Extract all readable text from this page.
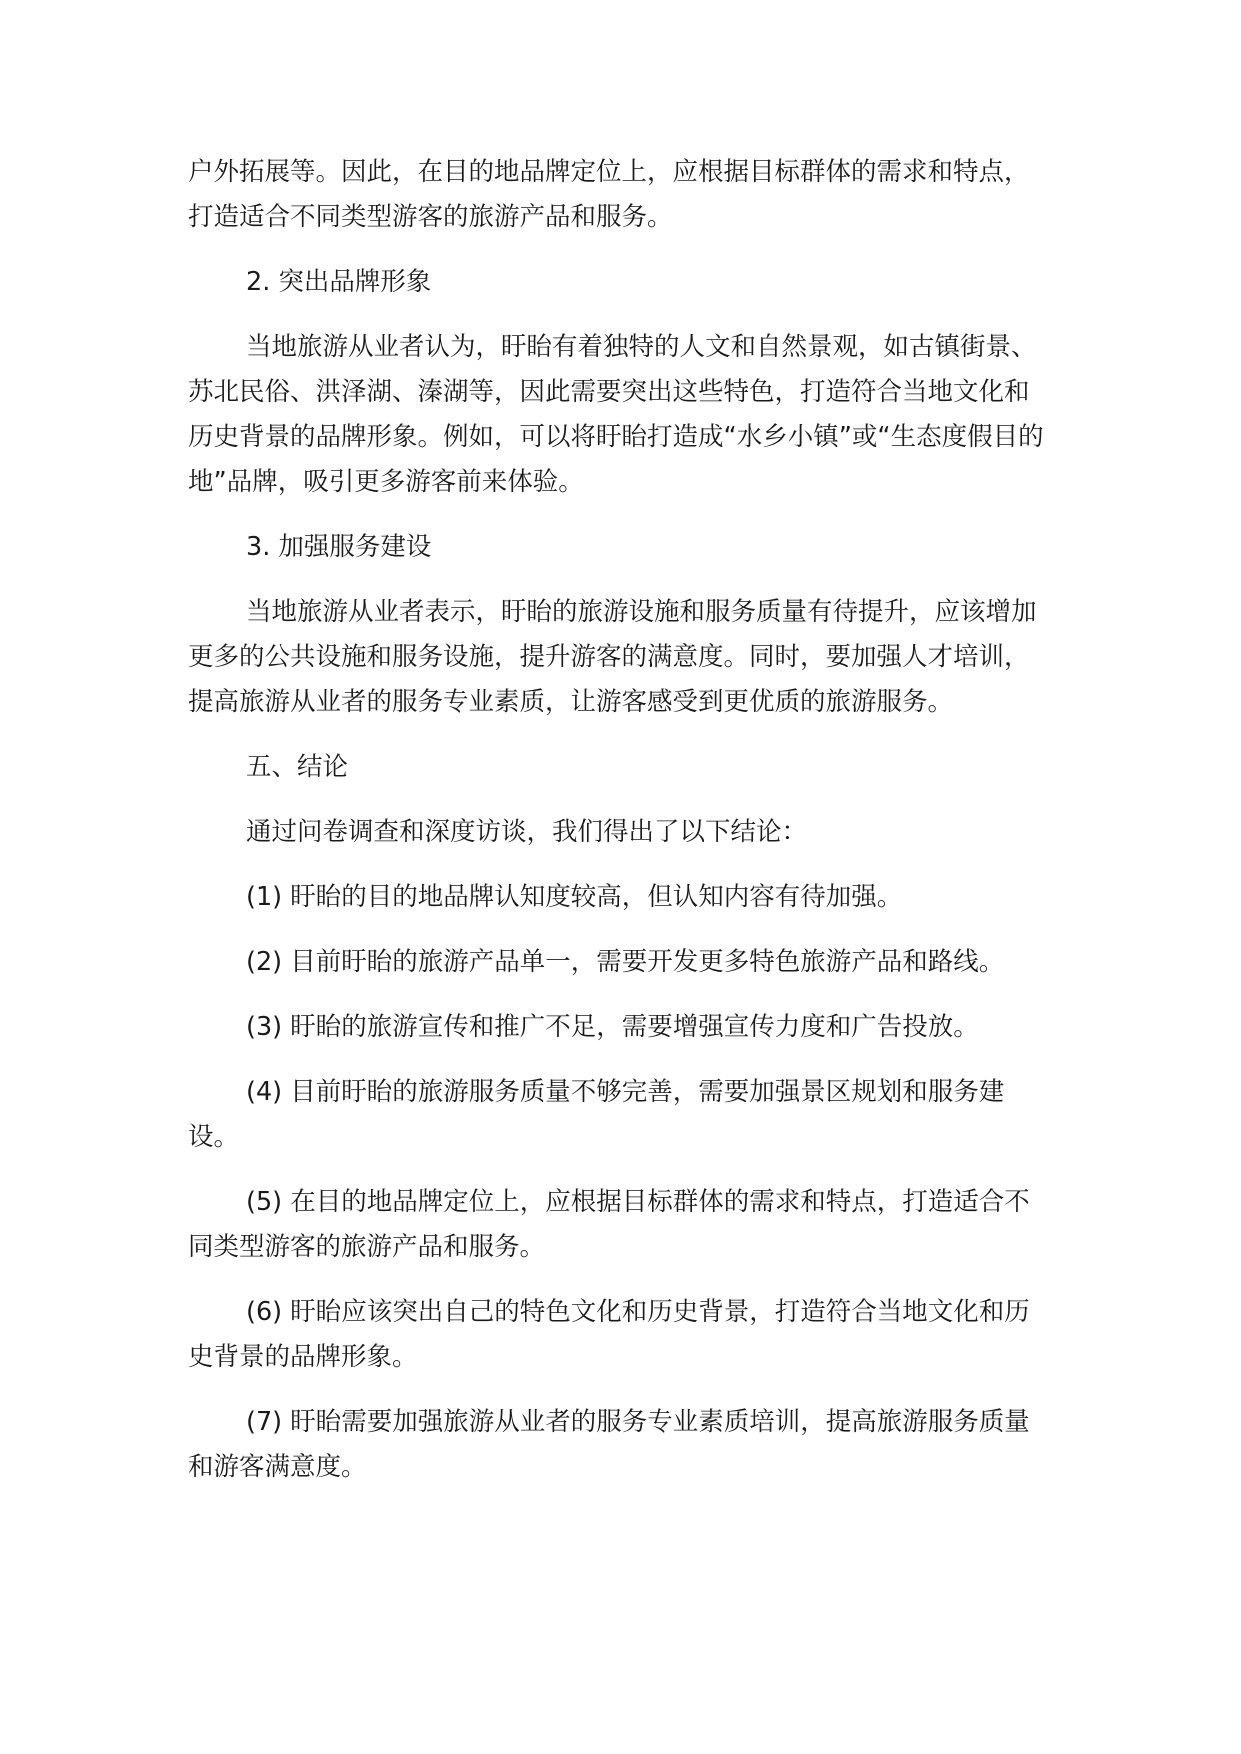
户外拓展等。因此，在目的地品牌定位上，应根据目标群体的需求和特点，打造适合不同类型游客的旅游产品和服务。

2. 突出品牌形象

当地旅游从业者认为，盱眙有着独特的人文和自然景观，如古镇街景、苏北民俗、洪泽湖、溱湖等，因此需要突出这些特色，打造符合当地文化和历史背景的品牌形象。例如，可以将盱眙打造成“水乡小镇”或“生态度假目的地”品牌，吸引更多游客前来体验。

3. 加强服务建设

当地旅游从业者表示，盱眙的旅游设施和服务质量有待提升，应该增加更多的公共设施和服务设施，提升游客的满意度。同时，要加强人才培训，提高旅游从业者的服务专业素质，让游客感受到更优质的旅游服务。

五、结论

通过问卷调查和深度访谈，我们得出了以下结论：

(1) 盱眙的目的地品牌认知度较高，但认知内容有待加强。

(2) 目前盱眙的旅游产品单一，需要开发更多特色旅游产品和路线。

(3) 盱眙的旅游宣传和推广不足，需要增强宣传力度和广告投放。

(4) 目前盱眙的旅游服务质量不够完善，需要加强景区规划和服务建设。

(5) 在目的地品牌定位上，应根据目标群体的需求和特点，打造适合不同类型游客的旅游产品和服务。

(6) 盱眙应该突出自己的特色文化和历史背景，打造符合当地文化和历史背景的品牌形象。

(7) 盱眙需要加强旅游从业者的服务专业素质培训，提高旅游服务质量和游客满意度。
